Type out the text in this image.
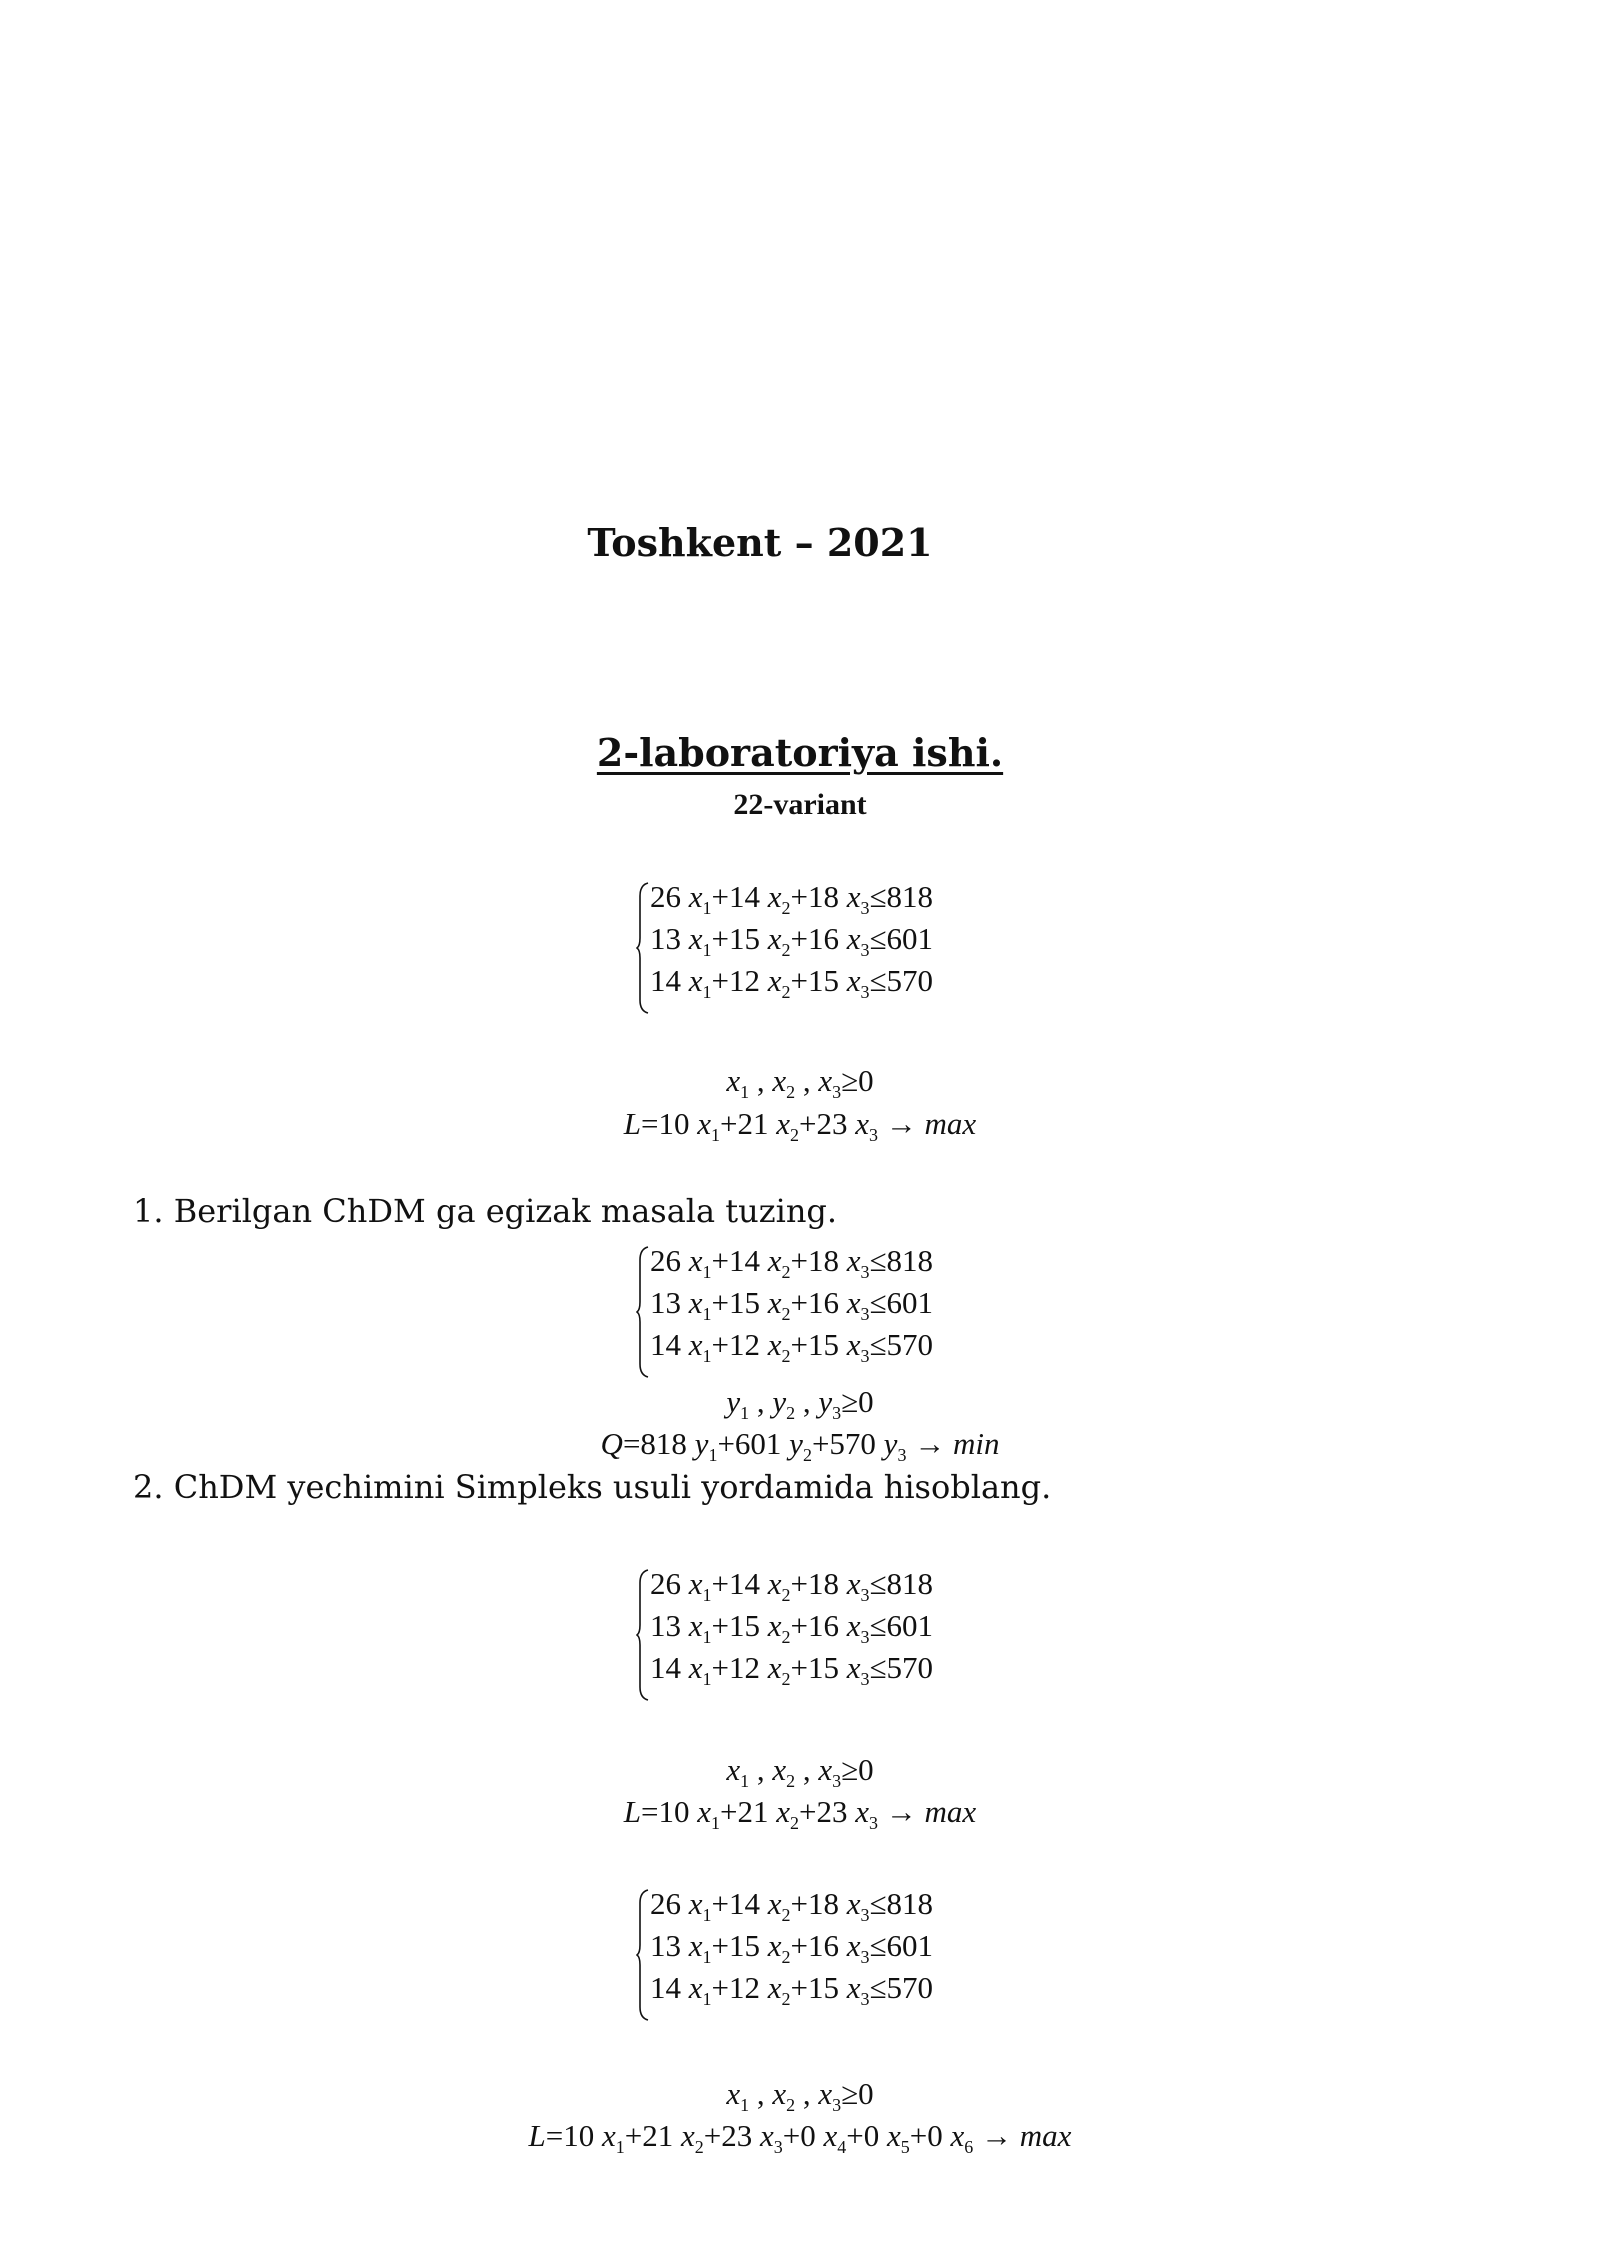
Toshkent – 2021
2-laboratoriya ishi.
22-variant
26 $x_1+14$ $x_2+18$ $x_3\le 818$
13 $x_1+15$ $x_2+16$ $x_3\le 601$
14 $x_1+12$ $x_2+15$ $x_3\le 570$
$x_1$ , $x_2$ , $x_3\ge 0$
L=10 $x_1+21$ $x_2+23$ $x_3 \to \max$
1. Berilgan ChDM ga egizak masala tuzing.
26 $x_1+14$ $x_2+18$ $x_3\le 818$
13 $x_1+15$ $x_2+16$ $x_3\le 601$
14 $x_1+12$ $x_2+15$ $x_3\le 570$
$y_1$ , $y_2$ , $y_3\ge 0$
Q=818 $y_1+601$ $y_2+570$ $y_3 \to \min$
2. ChDM yechimini Simpleks usuli yordamida hisoblang.
26 $x_1+14$ $x_2+18$ $x_3\le 818$
13 $x_1+15$ $x_2+16$ $x_3\le 601$
14 $x_1+12$ $x_2+15$ $x_3\le 570$
$x_1$ , $x_2$ , $x_3\ge 0$
L=10 $x_1+21$ $x_2+23$ $x_3 \to \max$
26 $x_1+14$ $x_2+18$ $x_3\le 818$
13 $x_1+15$ $x_2+16$ $x_3\le 601$
14 $x_1+12$ $x_2+15$ $x_3\le 570$
$x_1$ , $x_2$ , $x_3\ge 0$
L=10 $x_1+21$ $x_2+23$ $x_3+0$ $x_4+0$ $x_5+0$ $x_6 \to \max$
